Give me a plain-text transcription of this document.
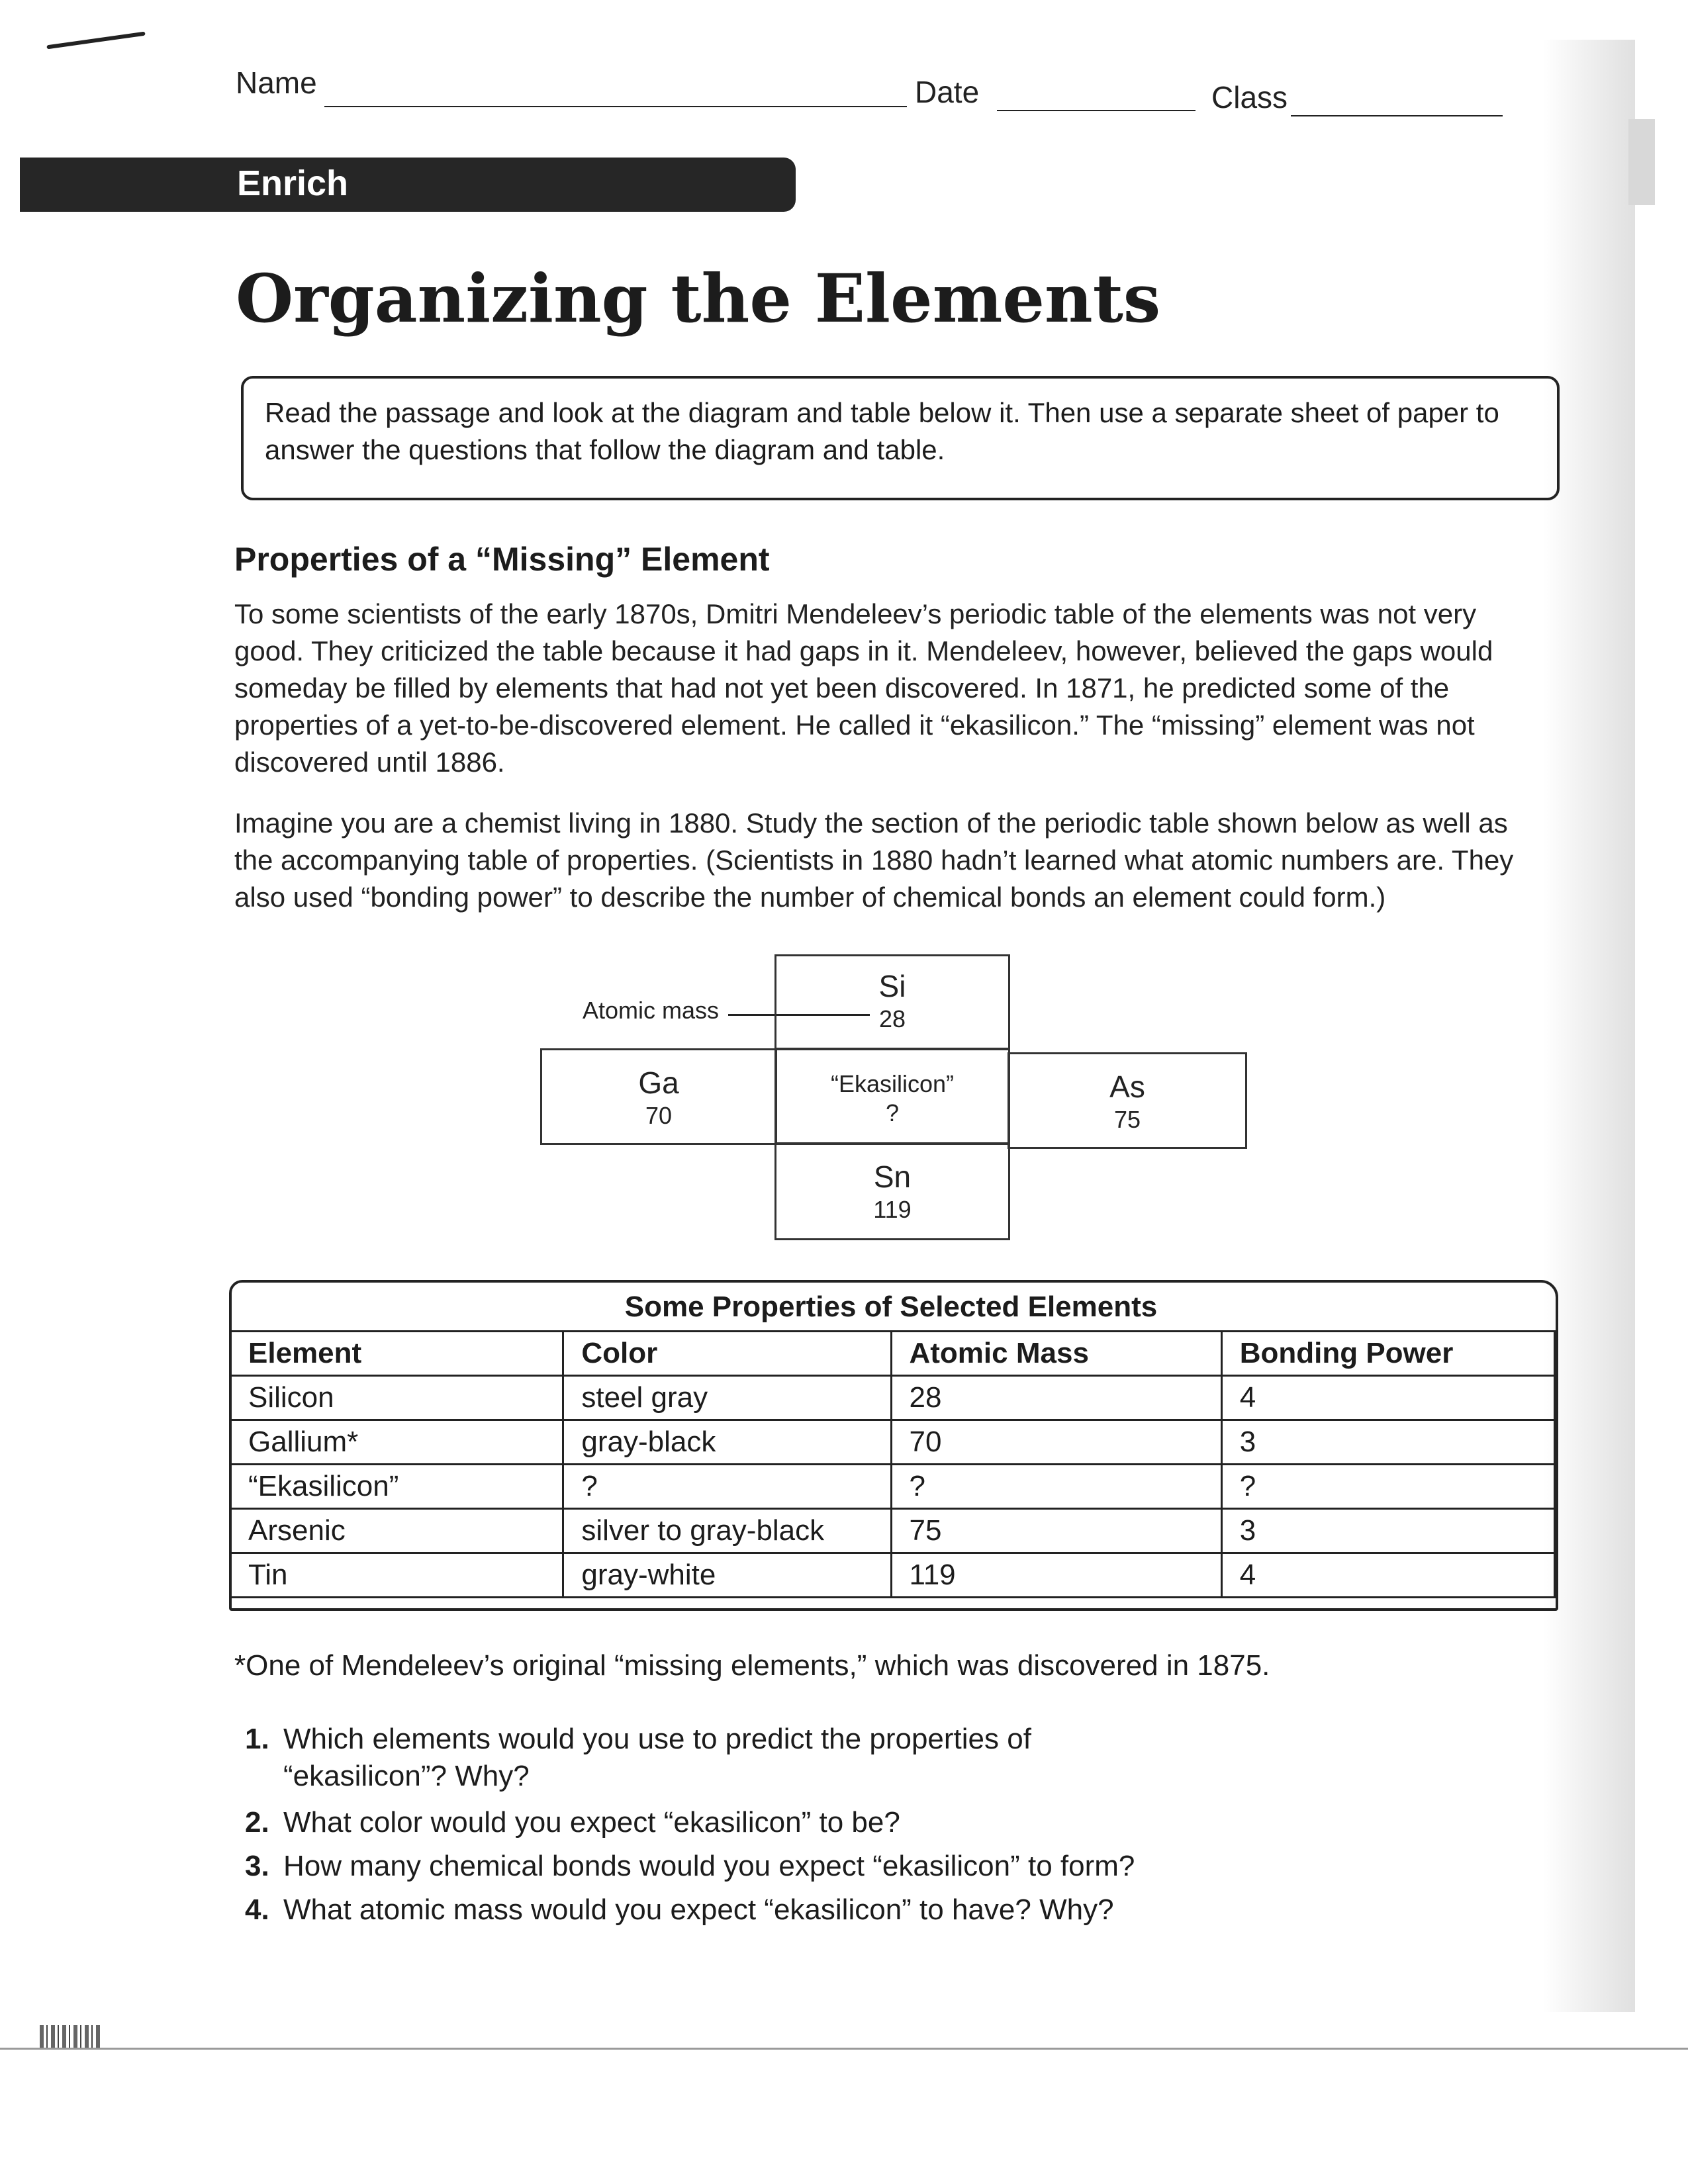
Name	Date	Class
Enrich
Organizing the Elements
Read the passage and look at the diagram and table below it. Then use a separate sheet of paper to answer the questions that follow the diagram and table.
Properties of a “Missing” Element
To some scientists of the early 1870s, Dmitri Mendeleev’s periodic table of the elements was not very good. They criticized the table because it had gaps in it. Mendeleev, however, believed the gaps would someday be filled by elements that had not yet been discovered. In 1871, he predicted some of the properties of a yet-to-be-discovered element. He called it “ekasilicon.” The “missing” element was not discovered until 1886.
Imagine you are a chemist living in 1880. Study the section of the periodic table shown below as well as the accompanying table of properties. (Scientists in 1880 hadn’t learned what atomic numbers are. They also used “bonding power” to describe the number of chemical bonds an element could form.)
Atomic mass
Si
28
Ga
70
“Ekasilicon”
?
As
75
Sn
119
Some Properties of Selected Elements
Element	Color	Atomic Mass	Bonding Power
Silicon	steel gray	28	4
Gallium*	gray-black	70	3
“Ekasilicon”	?	?	?
Arsenic	silver to gray-black	75	3
Tin	gray-white	119	4
*One of Mendeleev’s original “missing elements,” which was discovered in 1875.
1. Which elements would you use to predict the properties of
“ekasilicon”? Why?
2. What color would you expect “ekasilicon” to be?
3. How many chemical bonds would you expect “ekasilicon” to form?
4. What atomic mass would you expect “ekasilicon” to have? Why?
